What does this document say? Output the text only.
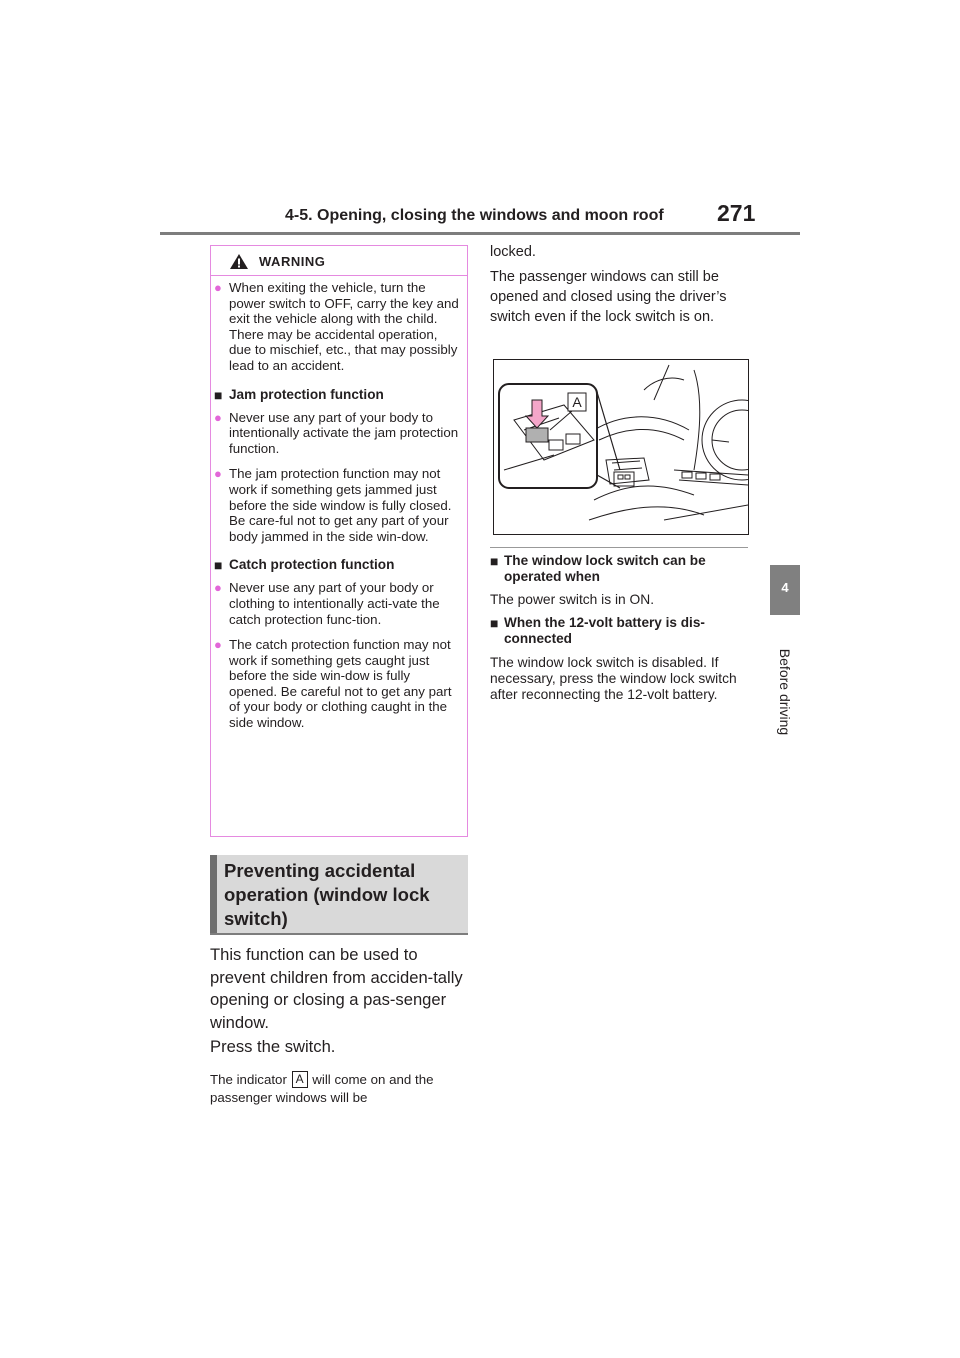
4-5. Opening, closing the windows and moon roof 271
4
Before driving
WARNING
● When exiting the vehicle, turn the power switch to OFF, carry the key and exit the vehicle along with the child. There may be accidental operation, due to mischief, etc., that may possibly lead to an accident.
■ Jam protection function
● Never use any part of your body to intentionally activate the jam protection function.
● The jam protection function may not work if something gets jammed just before the side window is fully closed. Be care-ful not to get any part of your body jammed in the side win-dow.
■ Catch protection function
● Never use any part of your body or clothing to intentionally acti-vate the catch protection func-tion.
● The catch protection function may not work if something gets caught just before the side win-dow is fully opened. Be careful not to get any part of your body or clothing caught in the side window.
Preventing accidental operation (window lock switch)
This function can be used to prevent children from acciden-tally opening or closing a pas-senger window.
Press the switch.
The indicator A will come on and the passenger windows will be
locked.
The passenger windows can still be opened and closed using the driver’s switch even if the lock switch is on.
A
■ The window lock switch can be operated when
The power switch is in ON.
■ When the 12-volt battery is dis-connected
The window lock switch is disabled. If necessary, press the window lock switch after reconnecting the 12-volt battery.
